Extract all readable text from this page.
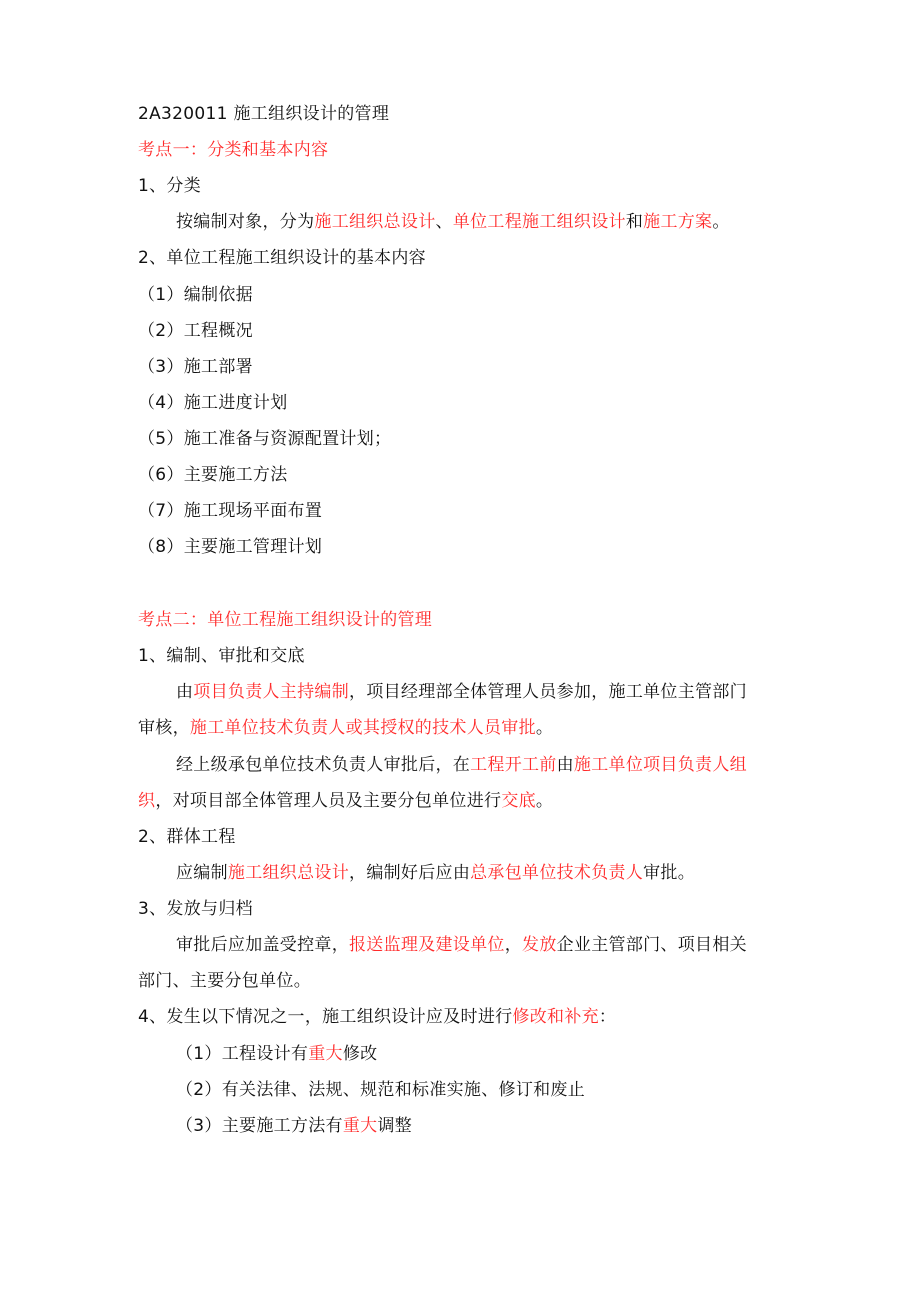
2A320011 施工组织设计的管理
考点一：分类和基本内容
1、分类
按编制对象，分为施工组织总设计、单位工程施工组织设计和施工方案。
2、单位工程施工组织设计的基本内容
（1）编制依据
（2）工程概况
（3）施工部署
（4）施工进度计划
（5）施工准备与资源配置计划；
（6）主要施工方法
（7）施工现场平面布置
（8）主要施工管理计划
考点二：单位工程施工组织设计的管理
1、编制、审批和交底
由项目负责人主持编制，项目经理部全体管理人员参加，施工单位主管部门
审核，施工单位技术负责人或其授权的技术人员审批。
经上级承包单位技术负责人审批后，在工程开工前由施工单位项目负责人组
织，对项目部全体管理人员及主要分包单位进行交底。
2、群体工程
应编制施工组织总设计，编制好后应由总承包单位技术负责人审批。
3、发放与归档
审批后应加盖受控章，报送监理及建设单位，发放企业主管部门、项目相关
部门、主要分包单位。
4、发生以下情况之一，施工组织设计应及时进行修改和补充：
（1）工程设计有重大修改
（2）有关法律、法规、规范和标准实施、修订和废止
（3）主要施工方法有重大调整
